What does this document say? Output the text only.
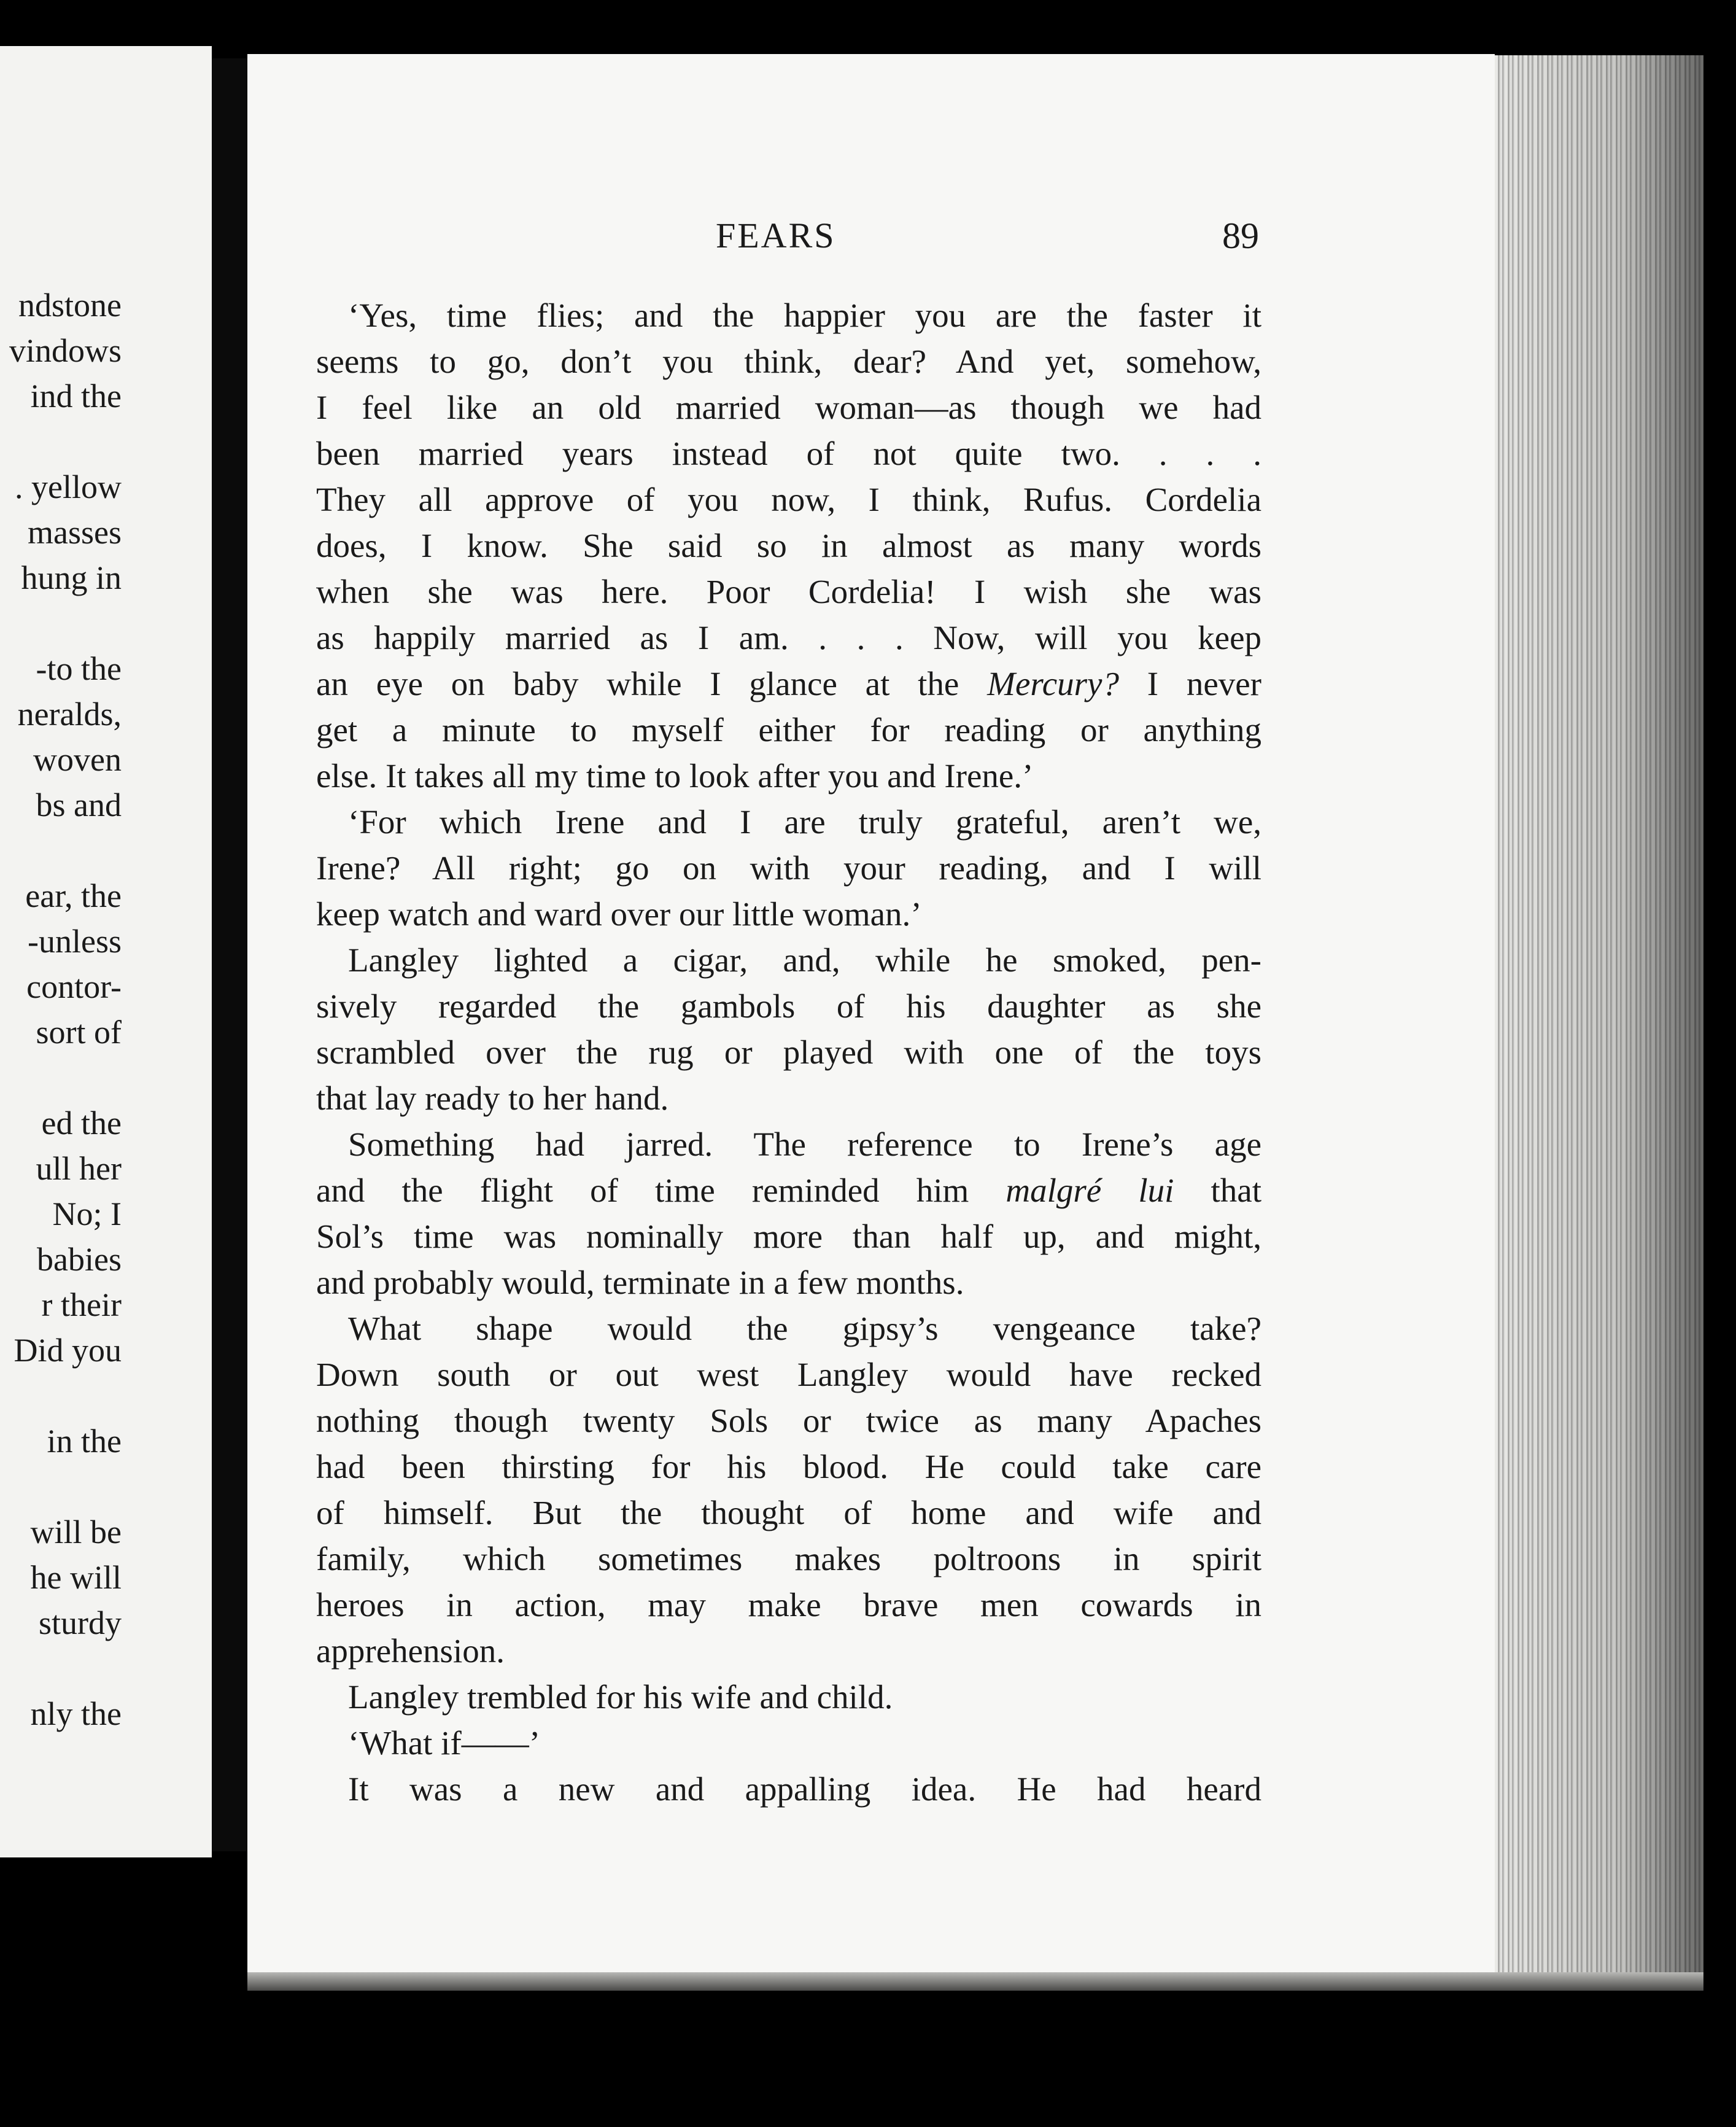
ndstone
vindows
ind the
. yellow
masses
hung in
-to the
neralds,
woven
bs and
ear, the
-unless
contor-
sort of
ed the
ull her
No; I
babies
r their
Did you
in the
will be
he will
sturdy
nly the
FEARS	89
‘Yes, time flies; and the happier you are the faster it
seems to go, don’t you think, dear? And yet, somehow,
I feel like an old married woman—as though we had
been married years instead of not quite two. . . .
They all approve of you now, I think, Rufus. Cordelia
does, I know. She said so in almost as many words
when she was here. Poor Cordelia! I wish she was
as happily married as I am. . . . Now, will you keep
an eye on baby while I glance at the Mercury? I never
get a minute to myself either for reading or anything
else. It takes all my time to look after you and Irene.’
‘For which Irene and I are truly grateful, aren’t we,
Irene? All right; go on with your reading, and I will
keep watch and ward over our little woman.’
Langley lighted a cigar, and, while he smoked, pen-
sively regarded the gambols of his daughter as she
scrambled over the rug or played with one of the toys
that lay ready to her hand.
Something had jarred. The reference to Irene’s age
and the flight of time reminded him malgré lui that
Sol’s time was nominally more than half up, and might,
and probably would, terminate in a few months.
What shape would the gipsy’s vengeance take?
Down south or out west Langley would have recked
nothing though twenty Sols or twice as many Apaches
had been thirsting for his blood. He could take care
of himself. But the thought of home and wife and
family, which sometimes makes poltroons in spirit
heroes in action, may make brave men cowards in
apprehension.
Langley trembled for his wife and child.
‘What if——’
It was a new and appalling idea. He had heard
